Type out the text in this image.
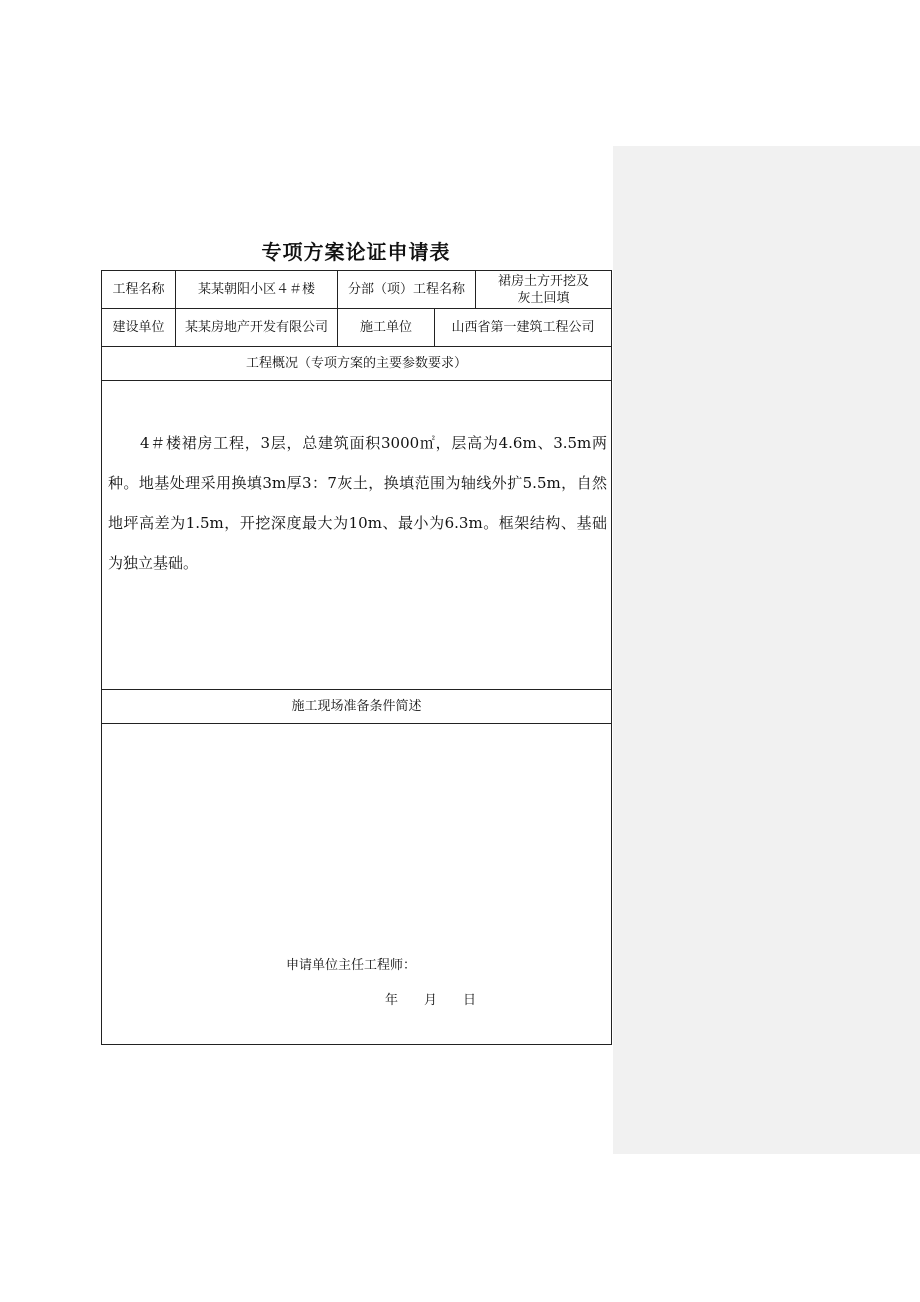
专项方案论证申请表
工程名称	某某朝阳小区４＃楼	分部（项）工程名称		裙房土方开挖及灰土回填
建设单位	某某房地产开发有限公司	施工单位	山西省第一建筑工程公司	
工程概况（专项方案的主要参数要求）				

4＃楼裙房工程，3层，总建筑面积3000㎡，层高为4.6m、3.5m两种。地基处理采用换填3m厚3：7灰土，换填范围为轴线外扩5.5m，自然地坪高差为1.5m，开挖深度最大为10m、最小为6.3m。框架结构、基础为独立基础。				

施工现场准备条件简述				

申请单位主任工程师：
年　　月　　日				
